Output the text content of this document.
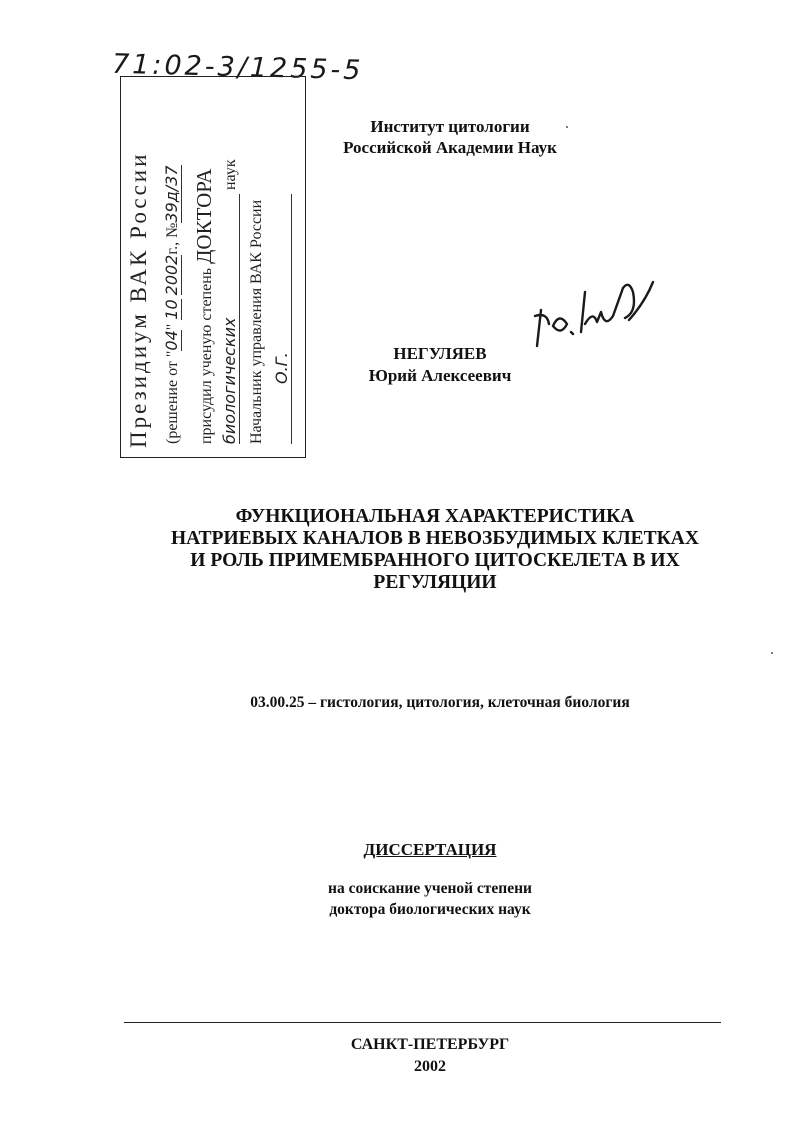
71:02-3/1255-5
Президиум ВАК России (решение от "04" 10 2002г., №39д/37
присудил ученую степень ДОКТОРА
биологических наук
Начальник управления ВАК России О.Г.
Институт цитологии
Российской Академии Наук
НЕГУЛЯЕВ
Юрий Алексеевич
ФУНКЦИОНАЛЬНАЯ ХАРАКТЕРИСТИКА
НАТРИЕВЫХ КАНАЛОВ В НЕВОЗБУДИМЫХ КЛЕТКАХ
И РОЛЬ ПРИМЕМБРАННОГО ЦИТОСКЕЛЕТА В ИХ
РЕГУЛЯЦИИ
03.00.25 – гистология, цитология, клеточная биология
ДИССЕРТАЦИЯ
на соискание ученой степени
доктора биологических наук
САНКТ-ПЕТЕРБУРГ
2002
